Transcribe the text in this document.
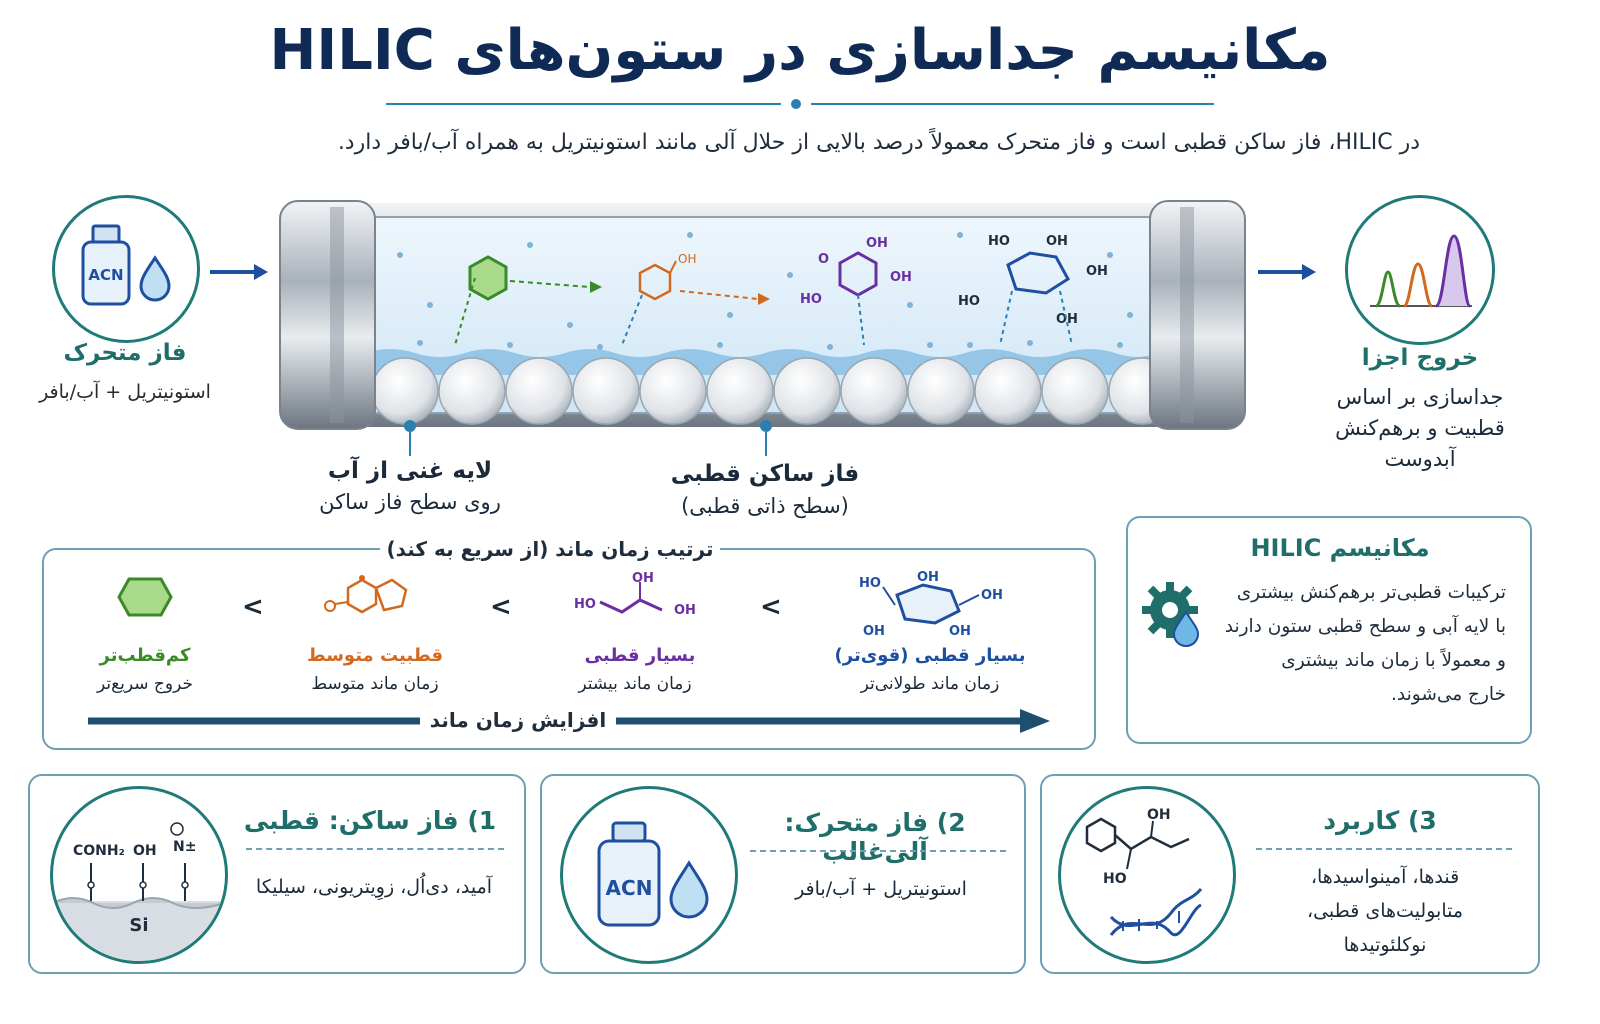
مکانیسم جداسازی در ستون‌های HILIC
در HILIC، فاز ساکن قطبی است و فاز متحرک معمولاً درصد بالایی از حلال آلی مانند استونیتریل به همراه آب/بافر دارد.
ACN
فاز متحرک
استونیتریل + آب/بافر
OH
OH
OH
HO
O
HO	OH
OH
HO
OH
لایه غنی از آب
روی سطح فاز ساکن
فاز ساکن قطبی
(سطح ذاتی قطبی)
خروج اجزا
جداسازی بر اساس
قطبیت و برهم‌کنش
آبدوست
ترتیب زمان ماند (از سریع به کند)
HO	OH
OH
OH	OH
HO
OH
OH <
<
<
بسیار قطبی (قوی‌تر)
زمان ماند طولانی‌تر
بسیار قطبی
زمان ماند بیشتر
قطبیت متوسط
زمان ماند متوسط
کم‌قطب‌تر
خروج سریع‌تر
افزایش زمان ماند
مکانیسم HILIC
ترکیبات قطبی‌تر برهم‌کنش بیشتری
با لایه آبی و سطح قطبی ستون دارند
و معمولاً با زمان ماند بیشتری
خارج می‌شوند.
Si
CONH₂ OH N±
1) فاز ساکن: قطبی
آمید، دی‌اُل، زوِیتریونی، سیلیکا	ACN
2) فاز متحرک: آلی‌غالب
استونیتریل + آب/بافر
OH
HO
3) کاربرد
قندها، آمینواسیدها،
متابولیت‌های قطبی،
نوکلئوتیدها
